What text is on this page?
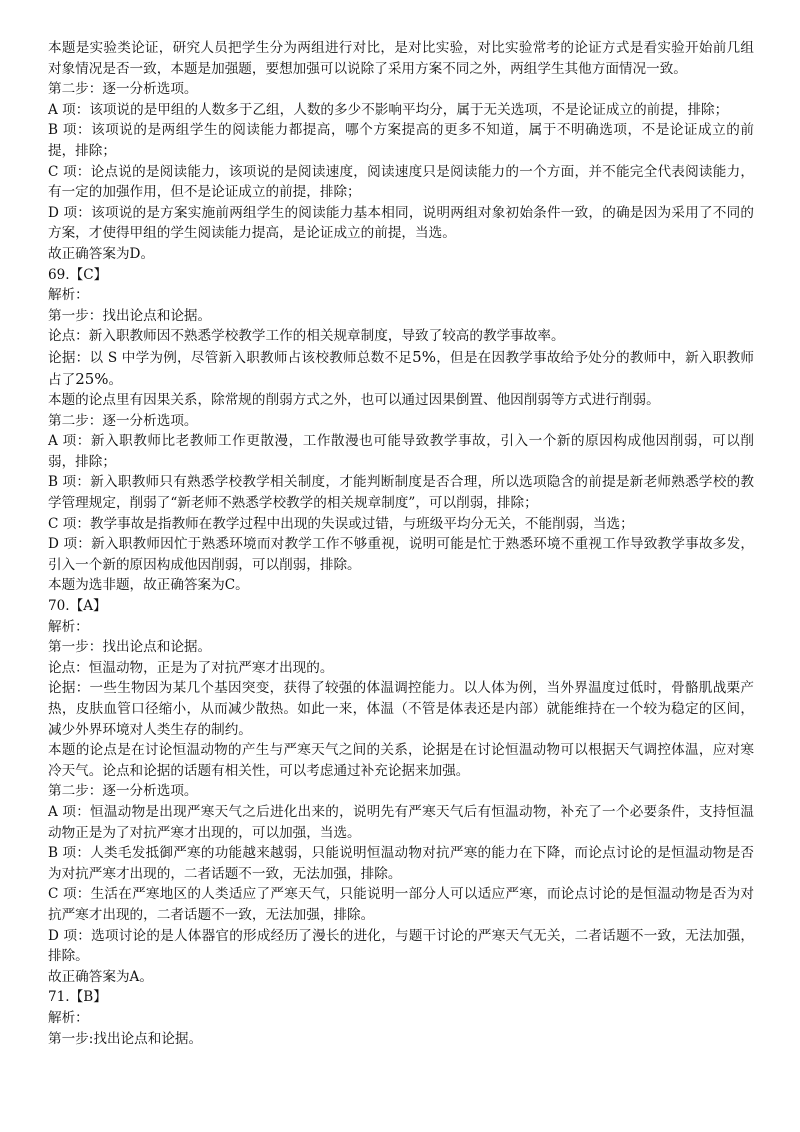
本题是实验类论证，研究人员把学生分为两组进行对比，是对比实验，对比实验常考的论证方式是看实验开始前几组对象情况是否一致，本题是加强题，要想加强可以说除了采用方案不同之外，两组学生其他方面情况一致。

第二步：逐一分析选项。

A 项：该项说的是甲组的人数多于乙组，人数的多少不影响平均分，属于无关选项，不是论证成立的前提，排除；

B 项：该项说的是两组学生的阅读能力都提高，哪个方案提高的更多不知道，属于不明确选项，不是论证成立的前提，排除；

C 项：论点说的是阅读能力，该项说的是阅读速度，阅读速度只是阅读能力的一个方面，并不能完全代表阅读能力，有一定的加强作用，但不是论证成立的前提，排除；

D 项：该项说的是方案实施前两组学生的阅读能力基本相同，说明两组对象初始条件一致，的确是因为采用了不同的方案，才使得甲组的学生阅读能力提高，是论证成立的前提，当选。

故正确答案为D。

69.【C】

解析：

第一步：找出论点和论据。

论点：新入职教师因不熟悉学校教学工作的相关规章制度，导致了较高的教学事故率。

论据：以 S 中学为例，尽管新入职教师占该校教师总数不足5%，但是在因教学事故给予处分的教师中，新入职教师占了25%。

本题的论点里有因果关系，除常规的削弱方式之外，也可以通过因果倒置、他因削弱等方式进行削弱。

第二步：逐一分析选项。

A 项：新入职教师比老教师工作更散漫，工作散漫也可能导致教学事故，引入一个新的原因构成他因削弱，可以削弱，排除；

B 项：新入职教师只有熟悉学校教学相关制度，才能判断制度是否合理，所以选项隐含的前提是新老师熟悉学校的教学管理规定，削弱了“新老师不熟悉学校教学的相关规章制度”，可以削弱，排除；

C 项：教学事故是指教师在教学过程中出现的失误或过错，与班级平均分无关，不能削弱，当选；

D 项：新入职教师因忙于熟悉环境而对教学工作不够重视，说明可能是忙于熟悉环境不重视工作导致教学事故多发，引入一个新的原因构成他因削弱，可以削弱，排除。

本题为选非题，故正确答案为C。

70.【A】

解析：

第一步：找出论点和论据。

论点：恒温动物，正是为了对抗严寒才出现的。

论据：一些生物因为某几个基因突变，获得了较强的体温调控能力。以人体为例，当外界温度过低时，骨骼肌战栗产热，皮肤血管口径缩小，从而减少散热。如此一来，体温（不管是体表还是内部）就能维持在一个较为稳定的区间，减少外界环境对人类生存的制约。

本题的论点是在讨论恒温动物的产生与严寒天气之间的关系，论据是在讨论恒温动物可以根据天气调控体温，应对寒冷天气。论点和论据的话题有相关性，可以考虑通过补充论据来加强。

第二步：逐一分析选项。

A 项：恒温动物是出现严寒天气之后进化出来的，说明先有严寒天气后有恒温动物，补充了一个必要条件，支持恒温动物正是为了对抗严寒才出现的，可以加强，当选。

B 项：人类毛发抵御严寒的功能越来越弱，只能说明恒温动物对抗严寒的能力在下降，而论点讨论的是恒温动物是否为对抗严寒才出现的，二者话题不一致，无法加强，排除。

C 项：生活在严寒地区的人类适应了严寒天气，只能说明一部分人可以适应严寒，而论点讨论的是恒温动物是否为对抗严寒才出现的，二者话题不一致，无法加强，排除。

D 项：选项讨论的是人体器官的形成经历了漫长的进化，与题干讨论的严寒天气无关，二者话题不一致，无法加强，排除。

故正确答案为A。

71.【B】

解析：

第一步:找出论点和论据。
